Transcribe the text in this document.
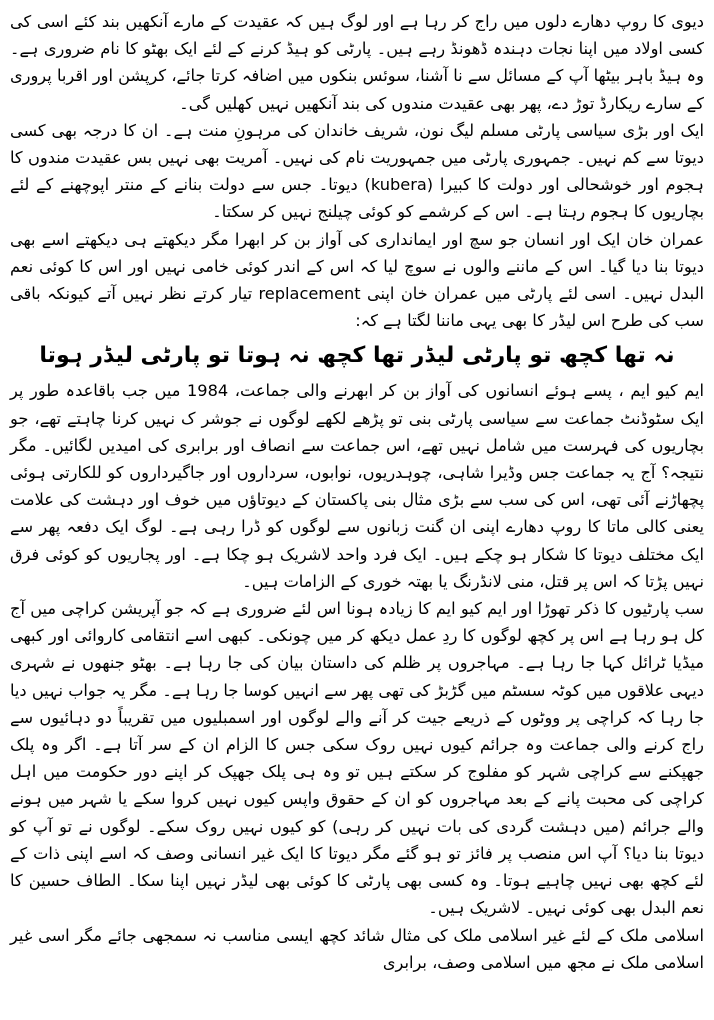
دیوی کا روپ دھارے دلوں میں راج کر رہا ہے اور لوگ ہیں کہ عقیدت کے مارے آنکھیں بند کئے اسی کی کسی اولاد میں اپنا نجات دہندہ ڈھونڈ رہے ہیں۔ پارٹی کو ہیڈ کرنے کے لئے ایک بھٹو کا نام ضروری ہے۔ وہ ہیڈ باہر بیٹھا آپ کے مسائل سے نا آشنا، سوئس بنکوں میں اضافہ کرتا جائے، کرپشن اور اقربا پروری کے سارے ریکارڈ توڑ دے، پھر بھی عقیدت مندوں کی بند آنکھیں نہیں کھلیں گی۔

ایک اور بڑی سیاسی پارٹی مسلم لیگ نون، شریف خاندان کی مرہونِ منت ہے۔ ان کا درجہ بھی کسی دیوتا سے کم نہیں۔ جمہوری پارٹی میں جمہوریت نام کی نہیں۔ آمریت بھی نہیں بس عقیدت مندوں کا ہجوم اور خوشحالی اور دولت کا کبیرا (kubera) دیوتا۔ جس سے دولت بنانے کے منتر اپوچھنے کے لئے بچاریوں کا ہجوم رہتا ہے۔ اس کے کرشمے کو کوئی چیلنج نہیں کر سکتا۔

عمران خان ایک اور انسان جو سچ اور ایمانداری کی آواز بن کر ابھرا مگر دیکھتے ہی دیکھتے اسے بھی دیوتا بنا دیا گیا۔ اس کے ماننے والوں نے سوچ لیا کہ اس کے اندر کوئی خامی نہیں اور اس کا کوئی نعم البدل نہیں۔ اسی لئے پارٹی میں عمران خان اپنی replacement تیار کرتے نظر نہیں آتے کیونکہ باقی سب کی طرح اس لیڈر کا بھی یہی ماننا لگتا ہے کہ:

نہ تھا کچھ تو پارٹی لیڈر تھا کچھ نہ ہوتا تو پارٹی لیڈر ہوتا

ایم کیو ایم ، پسے ہوئے انسانوں کی آواز بن کر ابھرنے والی جماعت، 1984 میں جب باقاعدہ طور پر ایک سٹوڈنٹ جماعت سے سیاسی پارٹی بنی تو پڑھے لکھے لوگوں نے جوشر ک نہیں کرنا چاہتے تھے، جو بچاریوں کی فہرست میں شامل نہیں تھے، اس جماعت سے انصاف اور برابری کی امیدیں لگائیں۔ مگر نتیجہ؟ آج یہ جماعت جس وڈیرا شاہی، چوہدریوں، نوابوں، سرداروں اور جاگیرداروں کو للکارتی ہوئی پچھاڑنے آئی تھی، اس کی سب سے بڑی مثال بنی پاکستان کے دیوتاؤں میں خوف اور دہشت کی علامت یعنی کالی ماتا کا روپ دھارے اپنی ان گنت زبانوں سے لوگوں کو ڈرا رہی ہے۔ لوگ ایک دفعہ پھر سے ایک مختلف دیوتا کا شکار ہو چکے ہیں۔ ایک فرد واحد لاشریک ہو چکا ہے۔ اور پجاریوں کو کوئی فرق نہیں پڑتا کہ اس پر قتل، منی لانڈرنگ یا بھتہ خوری کے الزامات ہیں۔

سب پارٹیوں کا ذکر تھوڑا اور ایم کیو ایم کا زیادہ ہونا اس لئے ضروری ہے کہ جو آپریشن کراچی میں آج کل ہو رہا ہے اس پر کچھ لوگوں کا ردِ عمل دیکھ کر میں چونکی۔ کبھی اسے انتقامی کاروائی اور کبھی میڈیا ٹرائل کہا جا رہا ہے۔ مہاجروں پر ظلم کی داستان بیان کی جا رہا ہے۔ بھٹو جنھوں نے شہری دیہی علاقوں میں کوٹہ سسٹم میں گڑبڑ کی تھی پھر سے انہیں کوسا جا رہا ہے۔ مگر یہ جواب نہیں دیا جا رہا کہ کراچی پر ووٹوں کے ذریعے جیت کر آنے والے لوگوں اور اسمبلیوں میں تقریباً دو دہائیوں سے راج کرنے والی جماعت وہ جرائم کیوں نہیں روک سکی جس کا الزام ان کے سر آتا ہے۔ اگر وہ پلک جھپکنے سے کراچی شہر کو مفلوج کر سکتے ہیں تو وہ ہی پلک جھپک کر اپنے دور حکومت میں اہل کراچی کی محبت پانے کے بعد مہاجروں کو ان کے حقوق واپس کیوں نہیں کروا سکے یا شہر میں ہونے والے جرائم (میں دہشت گردی کی بات نہیں کر رہی) کو کیوں نہیں روک سکے۔ لوگوں نے تو آپ کو دیوتا بنا دیا؟ آپ اس منصب پر فائز تو ہو گئے مگر دیوتا کا ایک غیر انسانی وصف کہ اسے اپنی ذات کے لئے کچھ بھی نہیں چاہیے ہوتا۔ وہ کسی بھی پارٹی کا کوئی بھی لیڈر نہیں اپنا سکا۔ الطاف حسین کا نعم البدل بھی کوئی نہیں۔ لاشریک ہیں۔

اسلامی ملک کے لئے غیر اسلامی ملک کی مثال شائد کچھ ایسی مناسب نہ سمجھی جائے مگر اسی غیر اسلامی ملک نے مجھ میں اسلامی وصف، برابری
